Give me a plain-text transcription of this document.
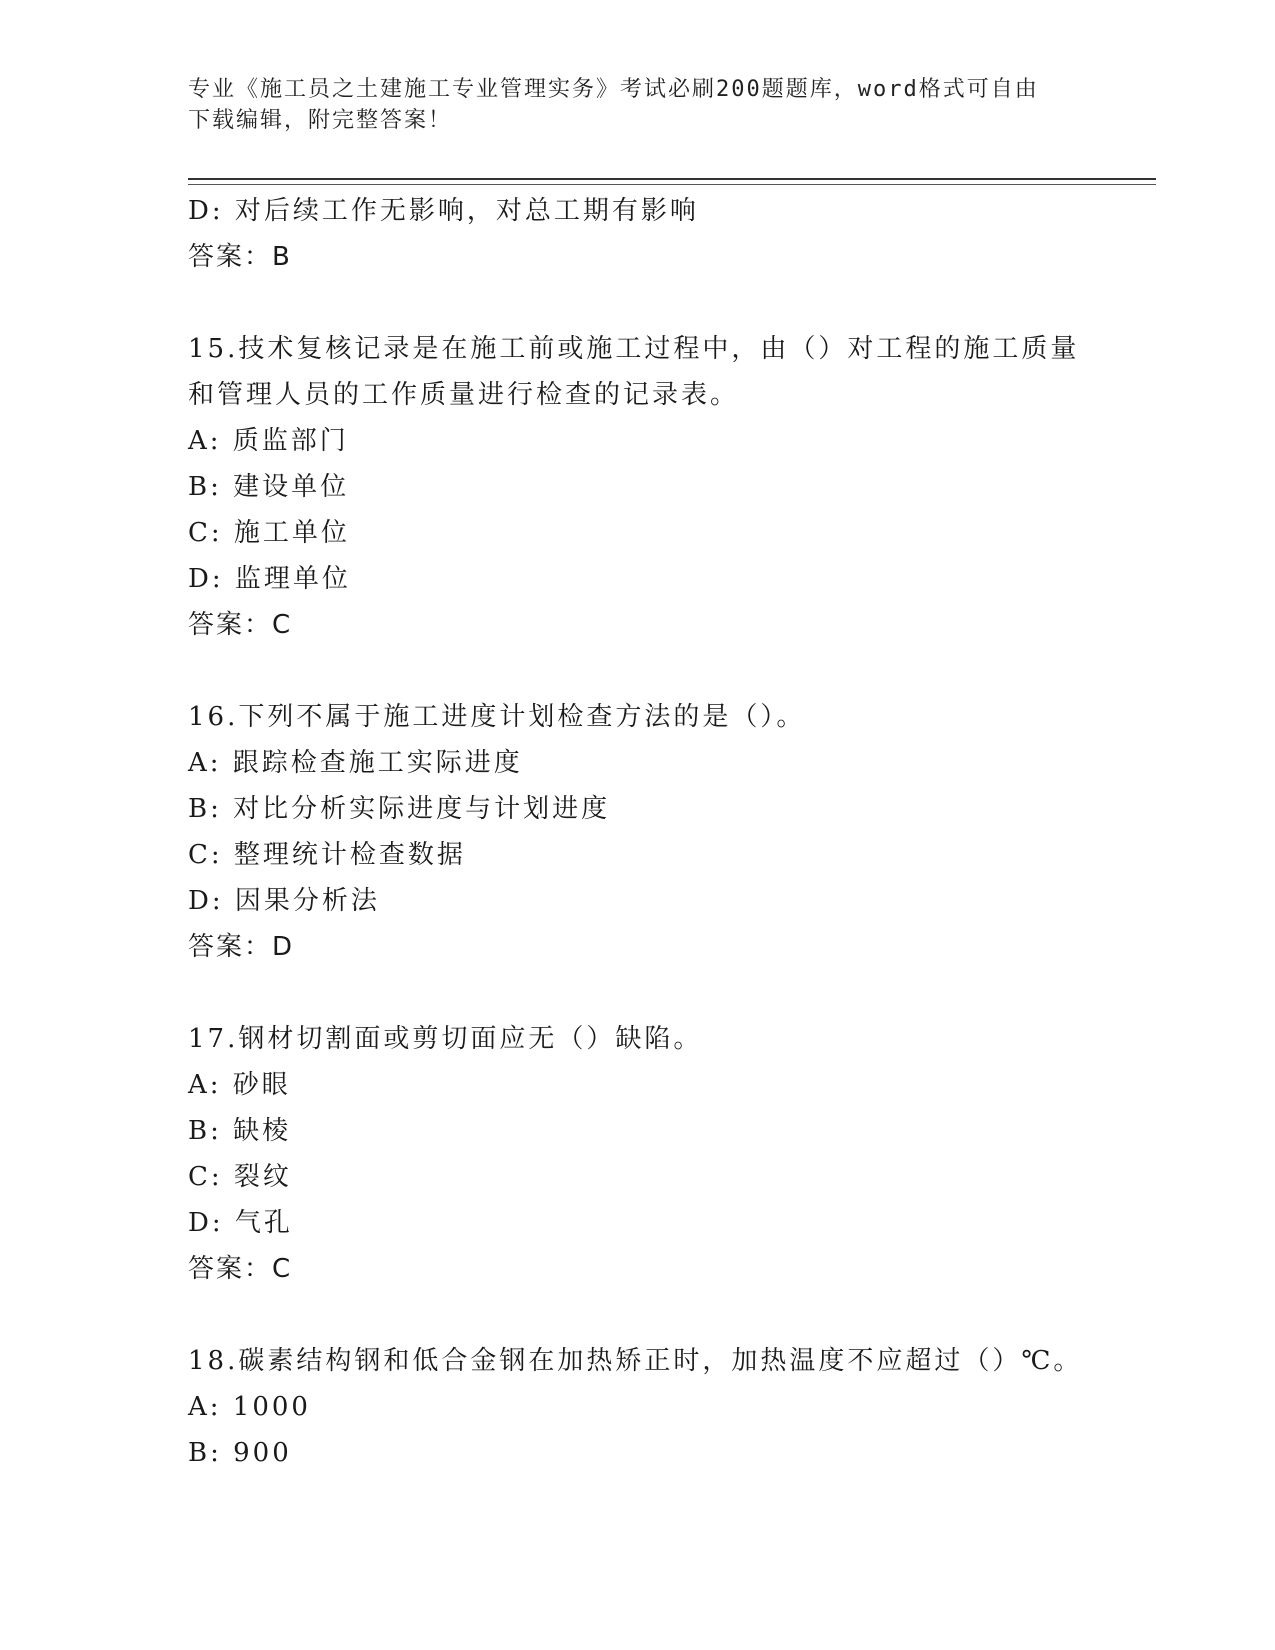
专业《施工员之土建施工专业管理实务》考试必刷200题题库，word格式可自由
下载编辑，附完整答案！
D: 对后续工作无影响，对总工期有影响
答案：B
15.技术复核记录是在施工前或施工过程中，由（）对工程的施工质量
和管理人员的工作质量进行检查的记录表。
A: 质监部门
B: 建设单位
C: 施工单位
D: 监理单位
答案：C
16.下列不属于施工进度计划检查方法的是（）。
A: 跟踪检查施工实际进度
B: 对比分析实际进度与计划进度
C: 整理统计检查数据
D: 因果分析法
答案：D
17.钢材切割面或剪切面应无（）缺陷。
A: 砂眼
B: 缺棱
C: 裂纹
D: 气孔
答案：C
18.碳素结构钢和低合金钢在加热矫正时，加热温度不应超过（）℃。
A: 1000
B: 900
